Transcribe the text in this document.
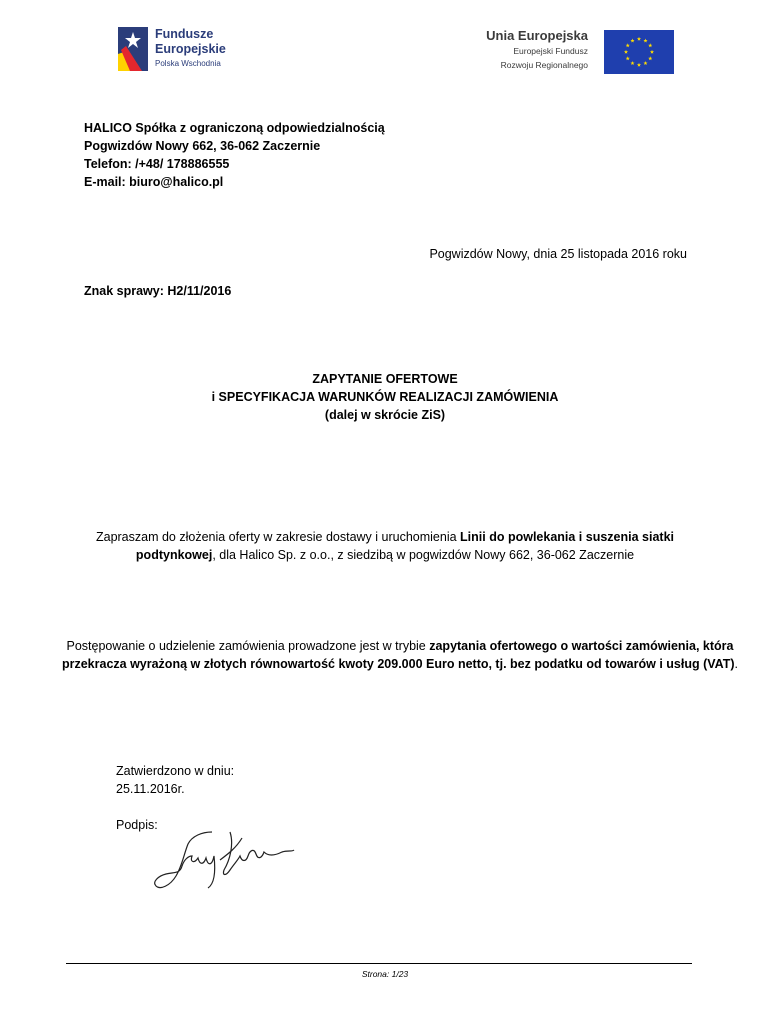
Fundusze
Europejskie
Polska Wschodnia
Unia Europejska
Europejski Fundusz
Rozwoju Regionalnego
HALICO Spółka z ograniczoną odpowiedzialnością
Pogwizdów Nowy 662, 36-062 Zaczernie
Telefon: /+48/ 178886555
E-mail: biuro@halico.pl
Pogwizdów Nowy, dnia 25 listopada 2016 roku
Znak sprawy: H2/11/2016
ZAPYTANIE OFERTOWE
i SPECYFIKACJA WARUNKÓW REALIZACJI ZAMÓWIENIA
(dalej w skrócie ZiS)
Zapraszam do złożenia oferty w zakresie dostawy i uruchomienia Linii do powlekania i suszenia siatki podtynkowej, dla Halico Sp. z o.o., z siedzibą w pogwizdów Nowy 662, 36-062 Zaczernie
Postępowanie o udzielenie zamówienia prowadzone jest w trybie zapytania ofertowego o wartości zamówienia, która przekracza wyrażoną w złotych równowartość kwoty 209.000 Euro netto, tj. bez podatku od towarów i usług (VAT).
Zatwierdzono w dniu:
25.11.2016r.
Podpis:
Strona: 1/23
